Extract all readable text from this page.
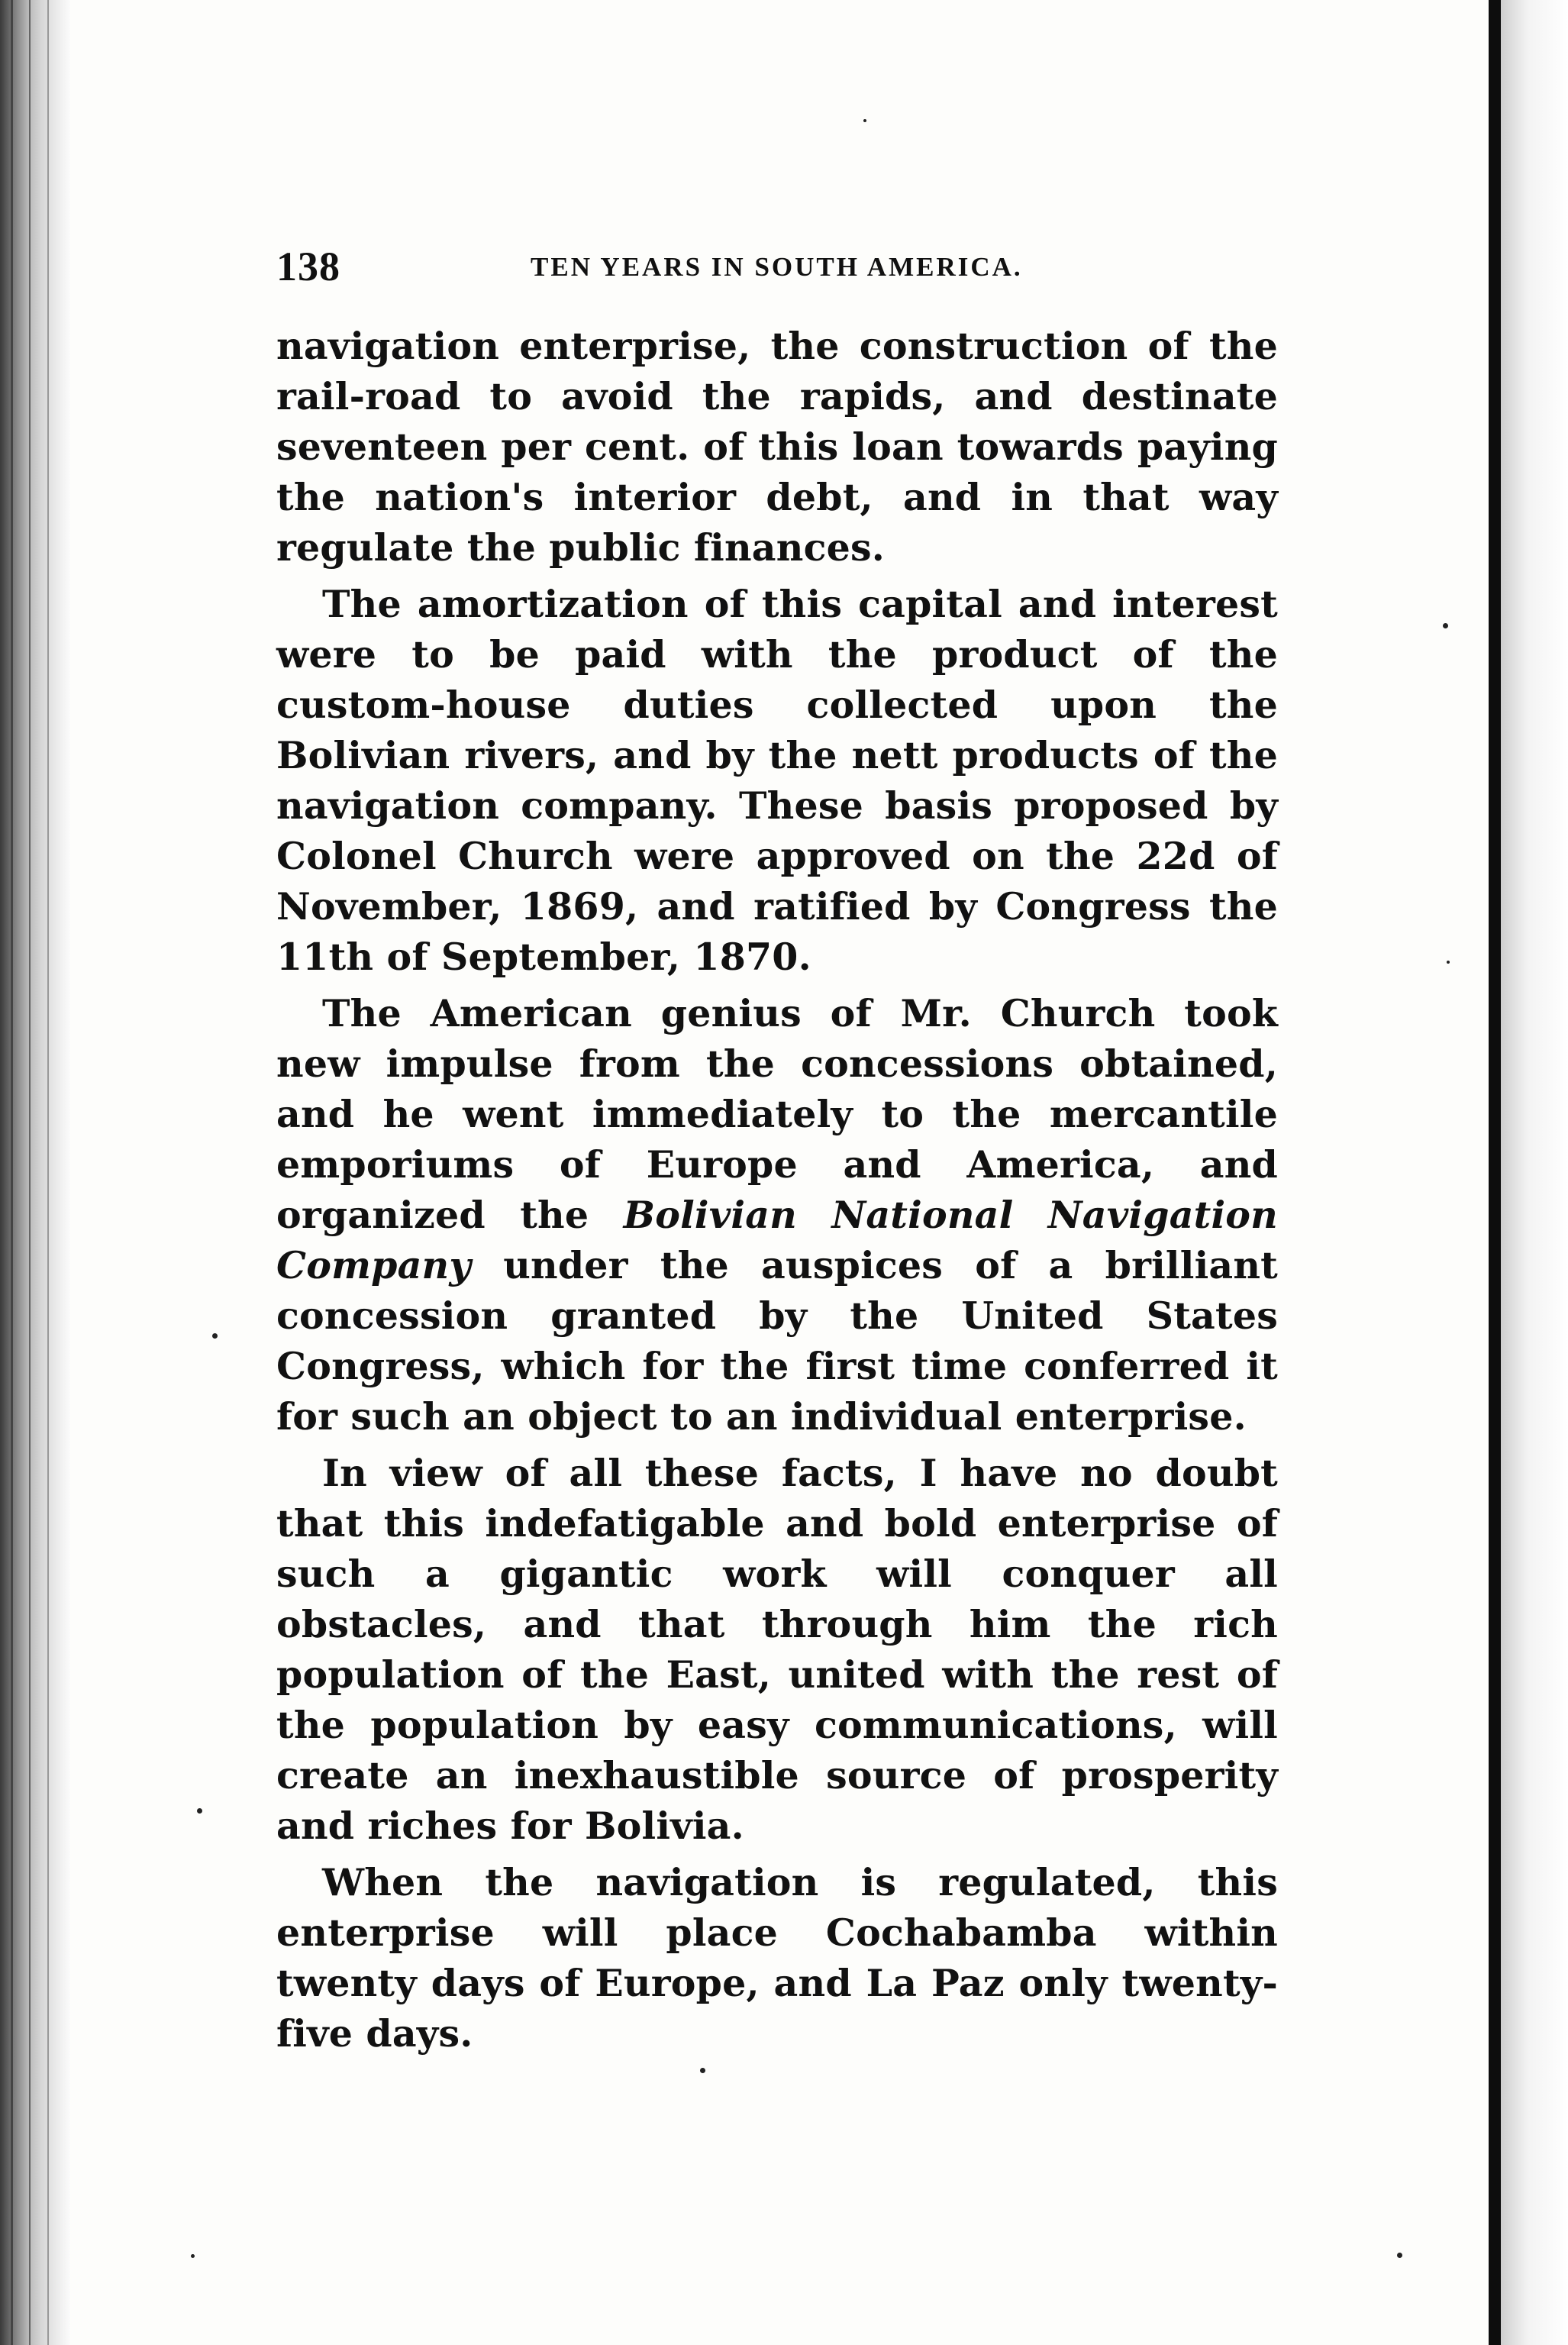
138	TEN YEARS IN SOUTH AMERICA.

navigation enterprise, the construction of the rail-road to avoid the rapids, and destinate seventeen per cent. of this loan towards paying the nation's interior debt, and in that way regulate the public finances.

The amortization of this capital and interest were to be paid with the product of the custom-house duties collected upon the Bolivian rivers, and by the nett products of the navigation company. These basis proposed by Colonel Church were approved on the 22d of November, 1869, and ratified by Congress the 11th of September, 1870.

The American genius of Mr. Church took new impulse from the concessions obtained, and he went immediately to the mercantile emporiums of Europe and America, and organized the Bolivian National Navigation Company under the auspices of a brilliant concession granted by the United States Congress, which for the first time conferred it for such an object to an individual enterprise.

In view of all these facts, I have no doubt that this indefatigable and bold enterprise of such a gigantic work will conquer all obstacles, and that through him the rich population of the East, united with the rest of the population by easy communications, will create an inexhaustible source of prosperity and riches for Bolivia.

When the navigation is regulated, this enterprise will place Cochabamba within twenty days of Europe, and La Paz only twenty-five days.
